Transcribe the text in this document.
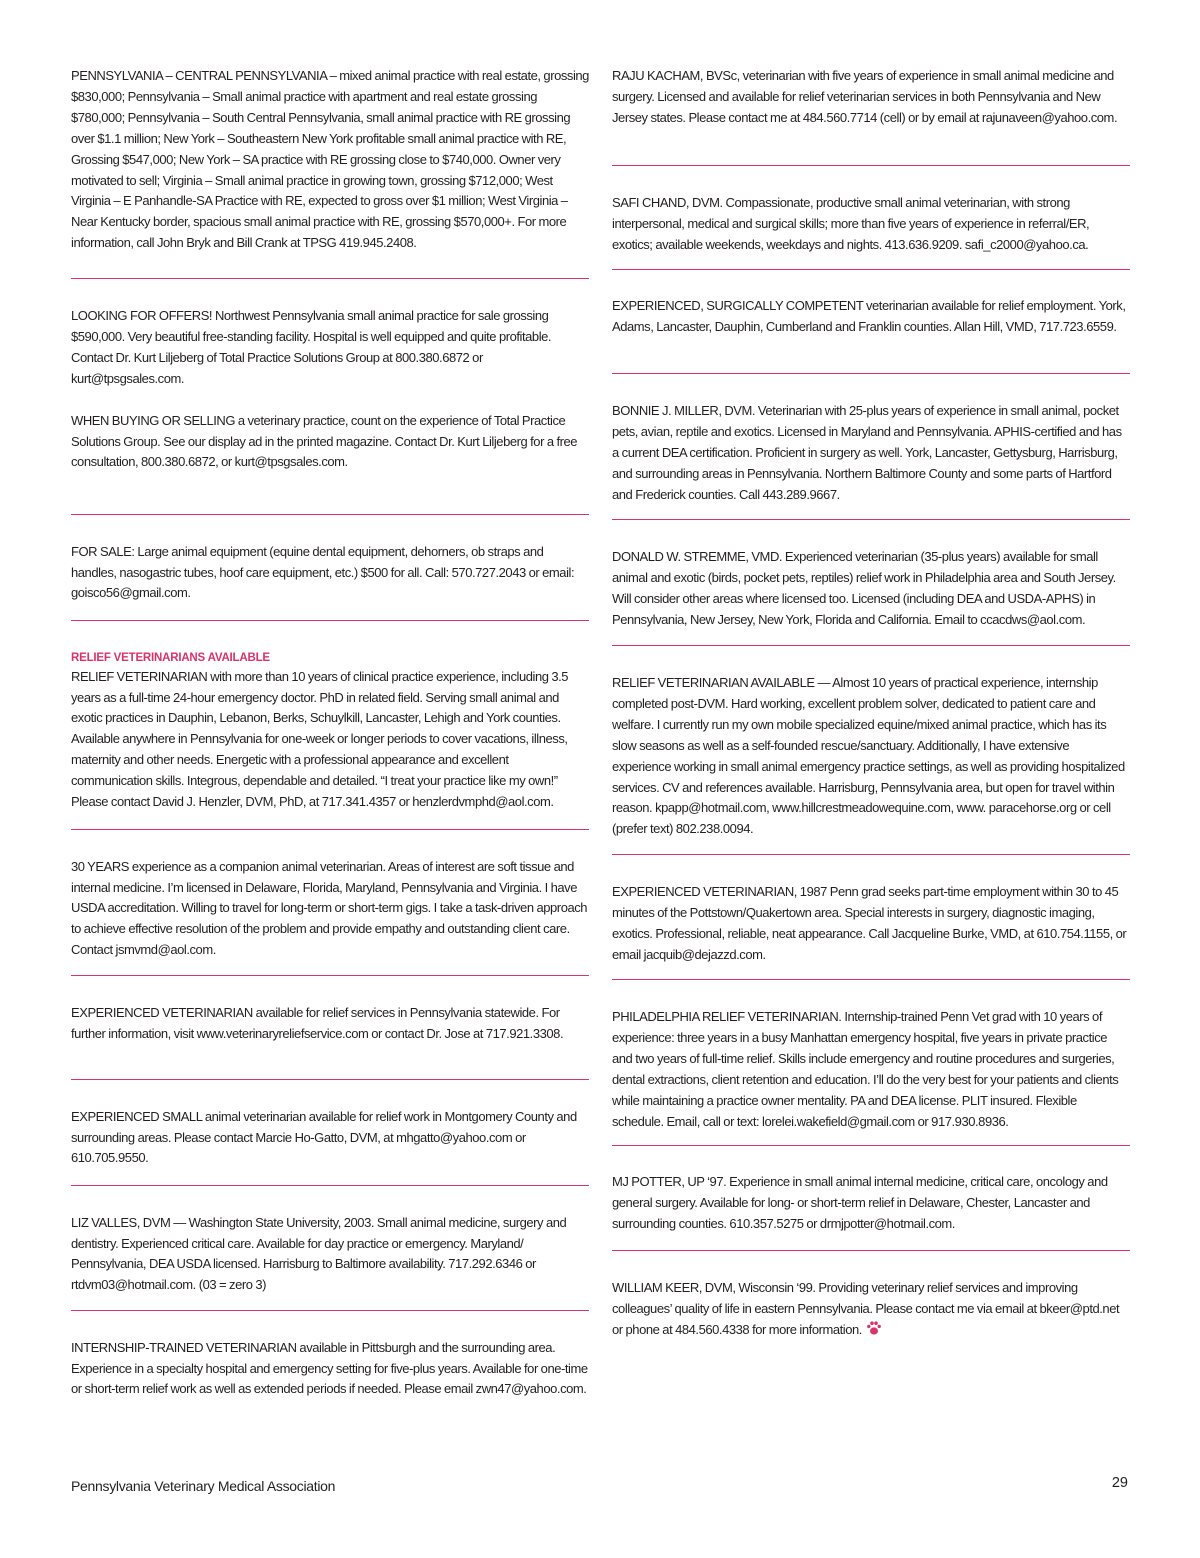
PENNSYLVANIA – CENTRAL PENNSYLVANIA – mixed animal practice with real estate, grossing $830,000; Pennsylvania – Small animal practice with apartment and real estate grossing $780,000; Pennsylvania – South Central Pennsylvania, small animal practice with RE grossing over $1.1 million; New York – Southeastern New York profitable small animal practice with RE, Grossing $547,000; New York – SA practice with RE grossing close to $740,000. Owner very motivated to sell; Virginia – Small animal practice in growing town, grossing $712,000; West Virginia – E Panhandle-SA Practice with RE, expected to gross over $1 million; West Virginia – Near Kentucky border, spacious small animal practice with RE, grossing $570,000+. For more information, call John Bryk and Bill Crank at TPSG 419.945.2408.

LOOKING FOR OFFERS! Northwest Pennsylvania small animal practice for sale grossing $590,000. Very beautiful free-standing facility. Hospital is well equipped and quite profitable. Contact Dr. Kurt Liljeberg of Total Practice Solutions Group at 800.380.6872 or kurt@tpsgsales.com.

WHEN BUYING OR SELLING a veterinary practice, count on the experience of Total Practice Solutions Group. See our display ad in the printed magazine. Contact Dr. Kurt Liljeberg for a free consultation, 800.380.6872, or kurt@tpsgsales.com.

FOR SALE: Large animal equipment (equine dental equipment, dehorners, ob straps and handles, nasogastric tubes, hoof care equipment, etc.) $500 for all. Call: 570.727.2043 or email: goisco56@gmail.com.

RELIEF VETERINARIANS AVAILABLE

RELIEF VETERINARIAN with more than 10 years of clinical practice experience, including 3.5 years as a full-time 24-hour emergency doctor. PhD in related field. Serving small animal and exotic practices in Dauphin, Lebanon, Berks, Schuylkill, Lancaster, Lehigh and York counties. Available anywhere in Pennsylvania for one-week or longer periods to cover vacations, illness, maternity and other needs. Energetic with a professional appearance and excellent communication skills. Integrous, dependable and detailed. “I treat your practice like my own!” Please contact David J. Henzler, DVM, PhD, at 717.341.4357 or henzlerdvmphd@aol.com.

30 YEARS experience as a companion animal veterinarian. Areas of interest are soft tissue and internal medicine. I’m licensed in Delaware, Florida, Maryland, Pennsylvania and Virginia. I have USDA accreditation. Willing to travel for long-term or short-term gigs. I take a task-driven approach to achieve effective resolution of the problem and provide empathy and outstanding client care. Contact jsmvmd@aol.com.

EXPERIENCED VETERINARIAN available for relief services in Pennsylvania statewide. For further information, visit www.veterinaryreliefservice.com or contact Dr. Jose at 717.921.3308.

EXPERIENCED SMALL animal veterinarian available for relief work in Montgomery County and surrounding areas. Please contact Marcie Ho-Gatto, DVM, at mhgatto@yahoo.com or 610.705.9550.

LIZ VALLES, DVM — Washington State University, 2003. Small animal medicine, surgery and dentistry. Experienced critical care. Available for day practice or emergency. Maryland/ Pennsylvania, DEA USDA licensed. Harrisburg to Baltimore availability. 717.292.6346 or rtdvm03@hotmail.com. (03 = zero 3)

INTERNSHIP-TRAINED VETERINARIAN available in Pittsburgh and the surrounding area. Experience in a specialty hospital and emergency setting for five-plus years. Available for one-time or short-term relief work as well as extended periods if needed. Please email zwn47@yahoo.com.

RAJU KACHAM, BVSc, veterinarian with five years of experience in small animal medicine and surgery. Licensed and available for relief veterinarian services in both Pennsylvania and New Jersey states. Please contact me at 484.560.7714 (cell) or by email at rajunaveen@yahoo.com.

SAFI CHAND, DVM. Compassionate, productive small animal veterinarian, with strong interpersonal, medical and surgical skills; more than five years of experience in referral/ER, exotics; available weekends, weekdays and nights. 413.636.9209. safi_c2000@yahoo.ca.

EXPERIENCED, SURGICALLY COMPETENT veterinarian available for relief employment. York, Adams, Lancaster, Dauphin, Cumberland and Franklin counties. Allan Hill, VMD, 717.723.6559.

BONNIE J. MILLER, DVM. Veterinarian with 25-plus years of experience in small animal, pocket pets, avian, reptile and exotics. Licensed in Maryland and Pennsylvania. APHIS-certified and has a current DEA certification. Proficient in surgery as well. York, Lancaster, Gettysburg, Harrisburg, and surrounding areas in Pennsylvania. Northern Baltimore County and some parts of Hartford and Frederick counties. Call 443.289.9667.

DONALD W. STREMME, VMD. Experienced veterinarian (35-plus years) available for small animal and exotic (birds, pocket pets, reptiles) relief work in Philadelphia area and South Jersey. Will consider other areas where licensed too. Licensed (including DEA and USDA-APHS) in Pennsylvania, New Jersey, New York, Florida and California. Email to ccacdws@aol.com.

RELIEF VETERINARIAN AVAILABLE — Almost 10 years of practical experience, internship completed post-DVM. Hard working, excellent problem solver, dedicated to patient care and welfare. I currently run my own mobile specialized equine/mixed animal practice, which has its slow seasons as well as a self-founded rescue/sanctuary. Additionally, I have extensive experience working in small animal emergency practice settings, as well as providing hospitalized services. CV and references available. Harrisburg, Pennsylvania area, but open for travel within reason. kpapp@hotmail.com, www.hillcrestmeadowequine.com, www. paracehorse.org or cell (prefer text) 802.238.0094.

EXPERIENCED VETERINARIAN, 1987 Penn grad seeks part-time employment within 30 to 45 minutes of the Pottstown/Quakertown area. Special interests in surgery, diagnostic imaging, exotics. Professional, reliable, neat appearance. Call Jacqueline Burke, VMD, at 610.754.1155, or email jacquib@dejazzd.com.

PHILADELPHIA RELIEF VETERINARIAN. Internship-trained Penn Vet grad with 10 years of experience: three years in a busy Manhattan emergency hospital, five years in private practice and two years of full-time relief. Skills include emergency and routine procedures and surgeries, dental extractions, client retention and education. I’ll do the very best for your patients and clients while maintaining a practice owner mentality. PA and DEA license. PLIT insured. Flexible schedule. Email, call or text: lorelei.wakefield@gmail.com or 917.930.8936.

MJ POTTER, UP ‘97. Experience in small animal internal medicine, critical care, oncology and general surgery. Available for long- or short-term relief in Delaware, Chester, Lancaster and surrounding counties. 610.357.5275 or drmjpotter@hotmail.com.

WILLIAM KEER, DVM, Wisconsin ‘99. Providing veterinary relief services and improving colleagues’ quality of life in eastern Pennsylvania. Please contact me via email at bkeer@ptd.net or phone at 484.560.4338 for more information.

Pennsylvania Veterinary Medical Association	29
